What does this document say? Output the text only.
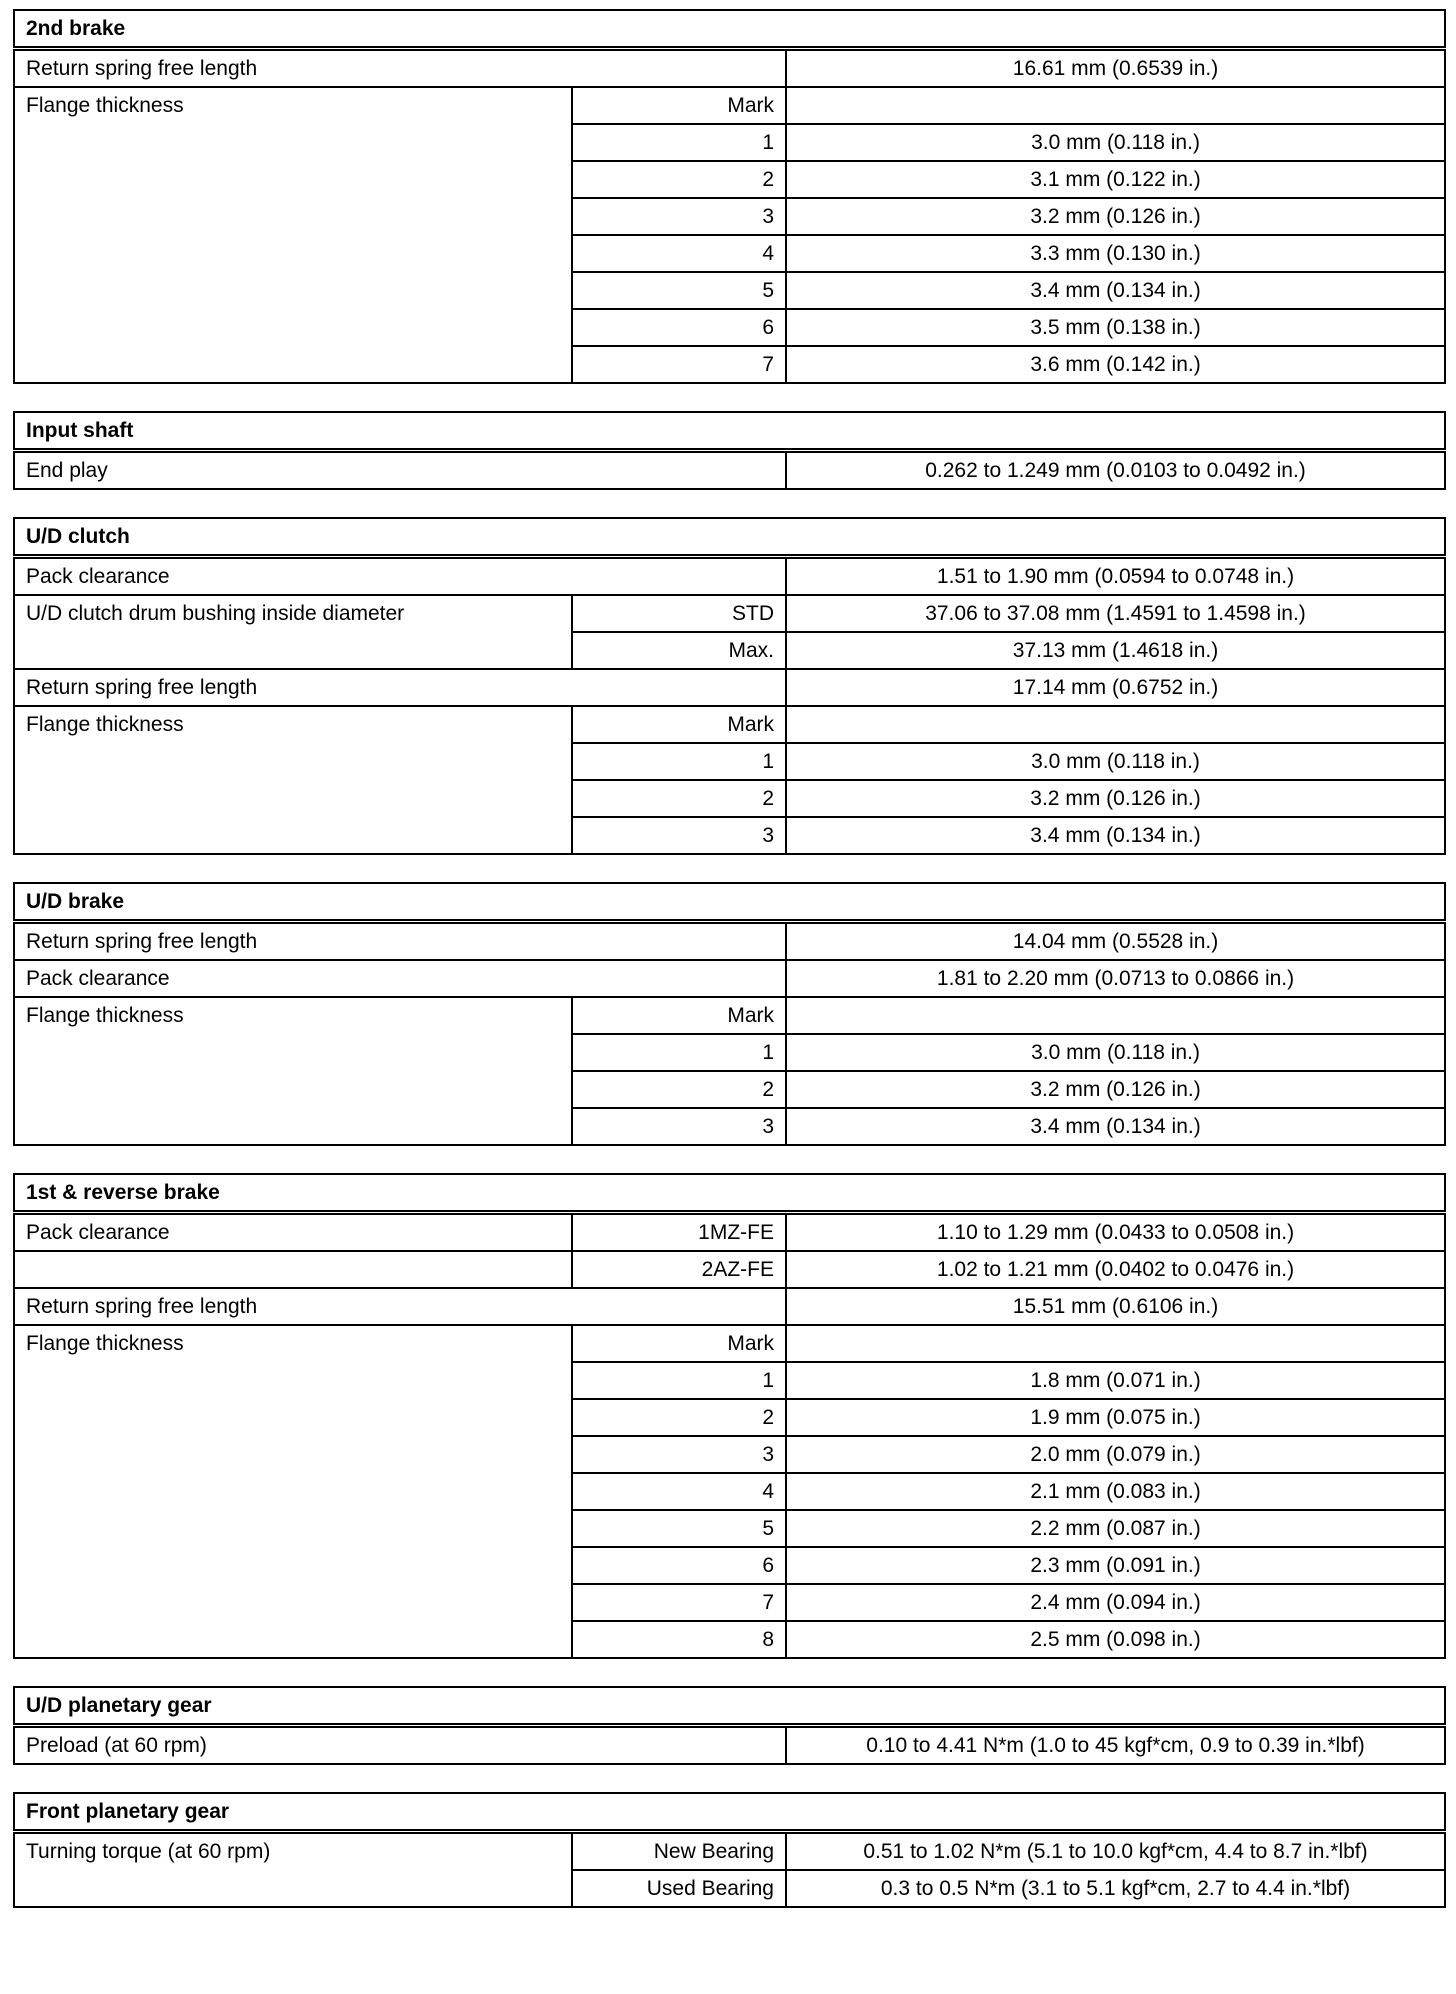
2nd brake		
Return spring free length		16.61 mm (0.6539 in.)
Flange thickness	Mark	
	1	3.0 mm (0.118 in.)
	2	3.1 mm (0.122 in.)
	3	3.2 mm (0.126 in.)
	4	3.3 mm (0.130 in.)
	5	3.4 mm (0.134 in.)
	6	3.5 mm (0.138 in.)
	7	3.6 mm (0.142 in.)
Input shaft
End play	0.262 to 1.249 mm (0.0103 to 0.0492 in.)
U/D clutch		
Pack clearance		1.51 to 1.90 mm (0.0594 to 0.0748 in.)
U/D clutch drum bushing inside diameter	STD	37.06 to 37.08 mm (1.4591 to 1.4598 in.)
	Max.	37.13 mm (1.4618 in.)
Return spring free length		17.14 mm (0.6752 in.)
Flange thickness	Mark	
	1	3.0 mm (0.118 in.)
	2	3.2 mm (0.126 in.)
	3	3.4 mm (0.134 in.)
U/D brake		
Return spring free length		14.04 mm (0.5528 in.)
Pack clearance		1.81 to 2.20 mm (0.0713 to 0.0866 in.)
Flange thickness	Mark	
	1	3.0 mm (0.118 in.)
	2	3.2 mm (0.126 in.)
	3	3.4 mm (0.134 in.)
1st & reverse brake		
Pack clearance	1MZ-FE	1.10 to 1.29 mm (0.0433 to 0.0508 in.)
	2AZ-FE	1.02 to 1.21 mm (0.0402 to 0.0476 in.)
Return spring free length		15.51 mm (0.6106 in.)
Flange thickness	Mark	
	1	1.8 mm (0.071 in.)
	2	1.9 mm (0.075 in.)
	3	2.0 mm (0.079 in.)
	4	2.1 mm (0.083 in.)
	5	2.2 mm (0.087 in.)
	6	2.3 mm (0.091 in.)
	7	2.4 mm (0.094 in.)
	8	2.5 mm (0.098 in.)
U/D planetary gear
Preload (at 60 rpm)	0.10 to 4.41 N*m (1.0 to 45 kgf*cm, 0.9 to 0.39 in.*lbf)
Front planetary gear		
Turning torque (at 60 rpm)	New Bearing	0.51 to 1.02 N*m (5.1 to 10.0 kgf*cm, 4.4 to 8.7 in.*lbf)
	Used Bearing	0.3 to 0.5 N*m (3.1 to 5.1 kgf*cm, 2.7 to 4.4 in.*lbf)
